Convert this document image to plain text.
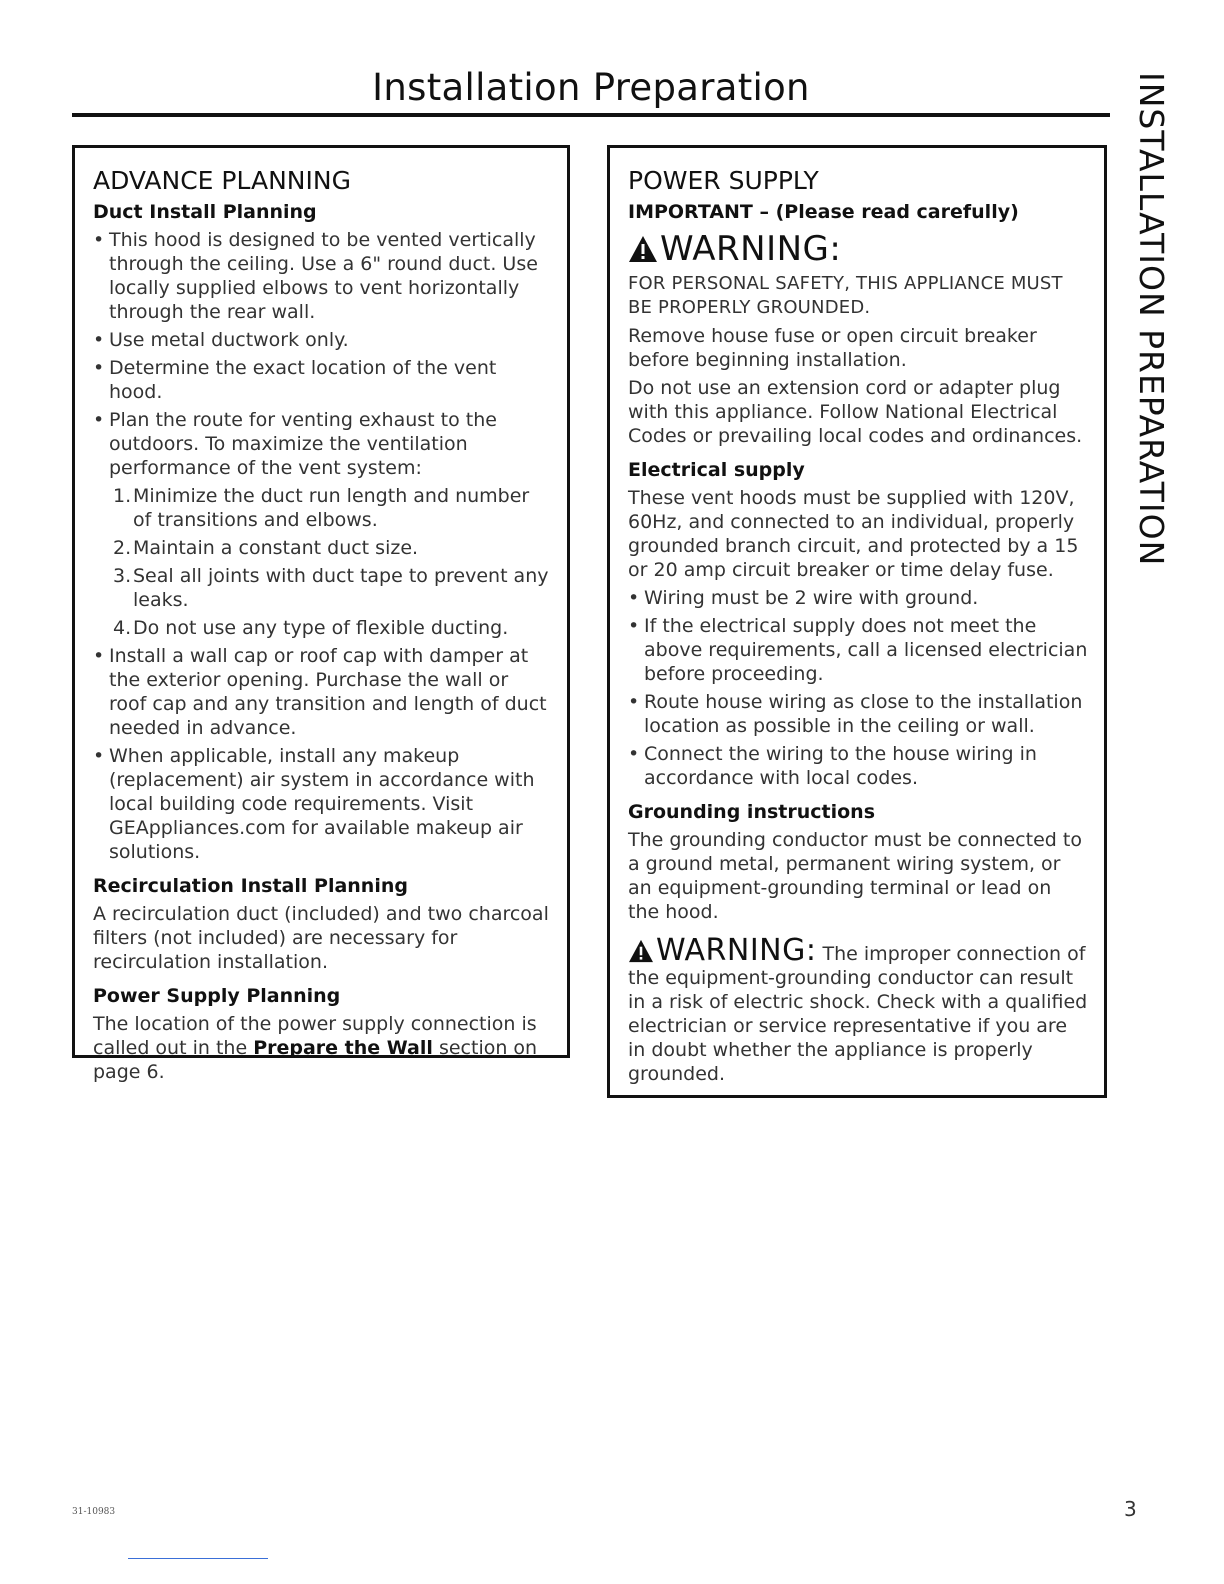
Installation Preparation	INSTALLATION PREPARATION
ADVANCE PLANNING
Duct Install Planning
• This hood is designed to be vented vertically through the ceiling. Use a 6" round duct. Use locally supplied elbows to vent horizontally through the rear wall.
• Use metal ductwork only.
• Determine the exact location of the vent hood.
• Plan the route for venting exhaust to the outdoors. To maximize the ventilation performance of the vent system:
1. Minimize the duct run length and number of transitions and elbows.
2. Maintain a constant duct size.
3. Seal all joints with duct tape to prevent any leaks.
4. Do not use any type of flexible ducting.
• Install a wall cap or roof cap with damper at the exterior opening. Purchase the wall or roof cap and any transition and length of duct needed in advance.
• When applicable, install any makeup (replacement) air system in accordance with local building code requirements. Visit GEAppliances.com for available makeup air solutions.
Recirculation Install Planning

A recirculation duct (included) and two charcoal filters (not included) are necessary for recirculation installation.

Power Supply Planning

The location of the power supply connection is called out in the Prepare the Wall section on page 6.

POWER SUPPLY
IMPORTANT – (Please read carefully)
WARNING:

FOR PERSONAL SAFETY, THIS APPLIANCE MUST BE PROPERLY GROUNDED.

Remove house fuse or open circuit breaker before beginning installation.

Do not use an extension cord or adapter plug with this appliance. Follow National Electrical Codes or prevailing local codes and ordinances.

Electrical supply

These vent hoods must be supplied with 120V, 60Hz, and connected to an individual, properly grounded branch circuit, and protected by a 15 or 20 amp circuit breaker or time delay fuse.

• Wiring must be 2 wire with ground.
• If the electrical supply does not meet the above requirements, call a licensed electrician before proceeding.
• Route house wiring as close to the installation location as possible in the ceiling or wall.
• Connect the wiring to the house wiring in accordance with local codes.
Grounding instructions

The grounding conductor must be connected to a ground metal, permanent wiring system, or an equipment-grounding terminal or lead on the hood.

WARNING: The improper connection of the equipment-grounding conductor can result in a risk of electric shock. Check with a qualified electrician or service representative if you are in doubt whether the appliance is properly grounded.

31-10983	3
